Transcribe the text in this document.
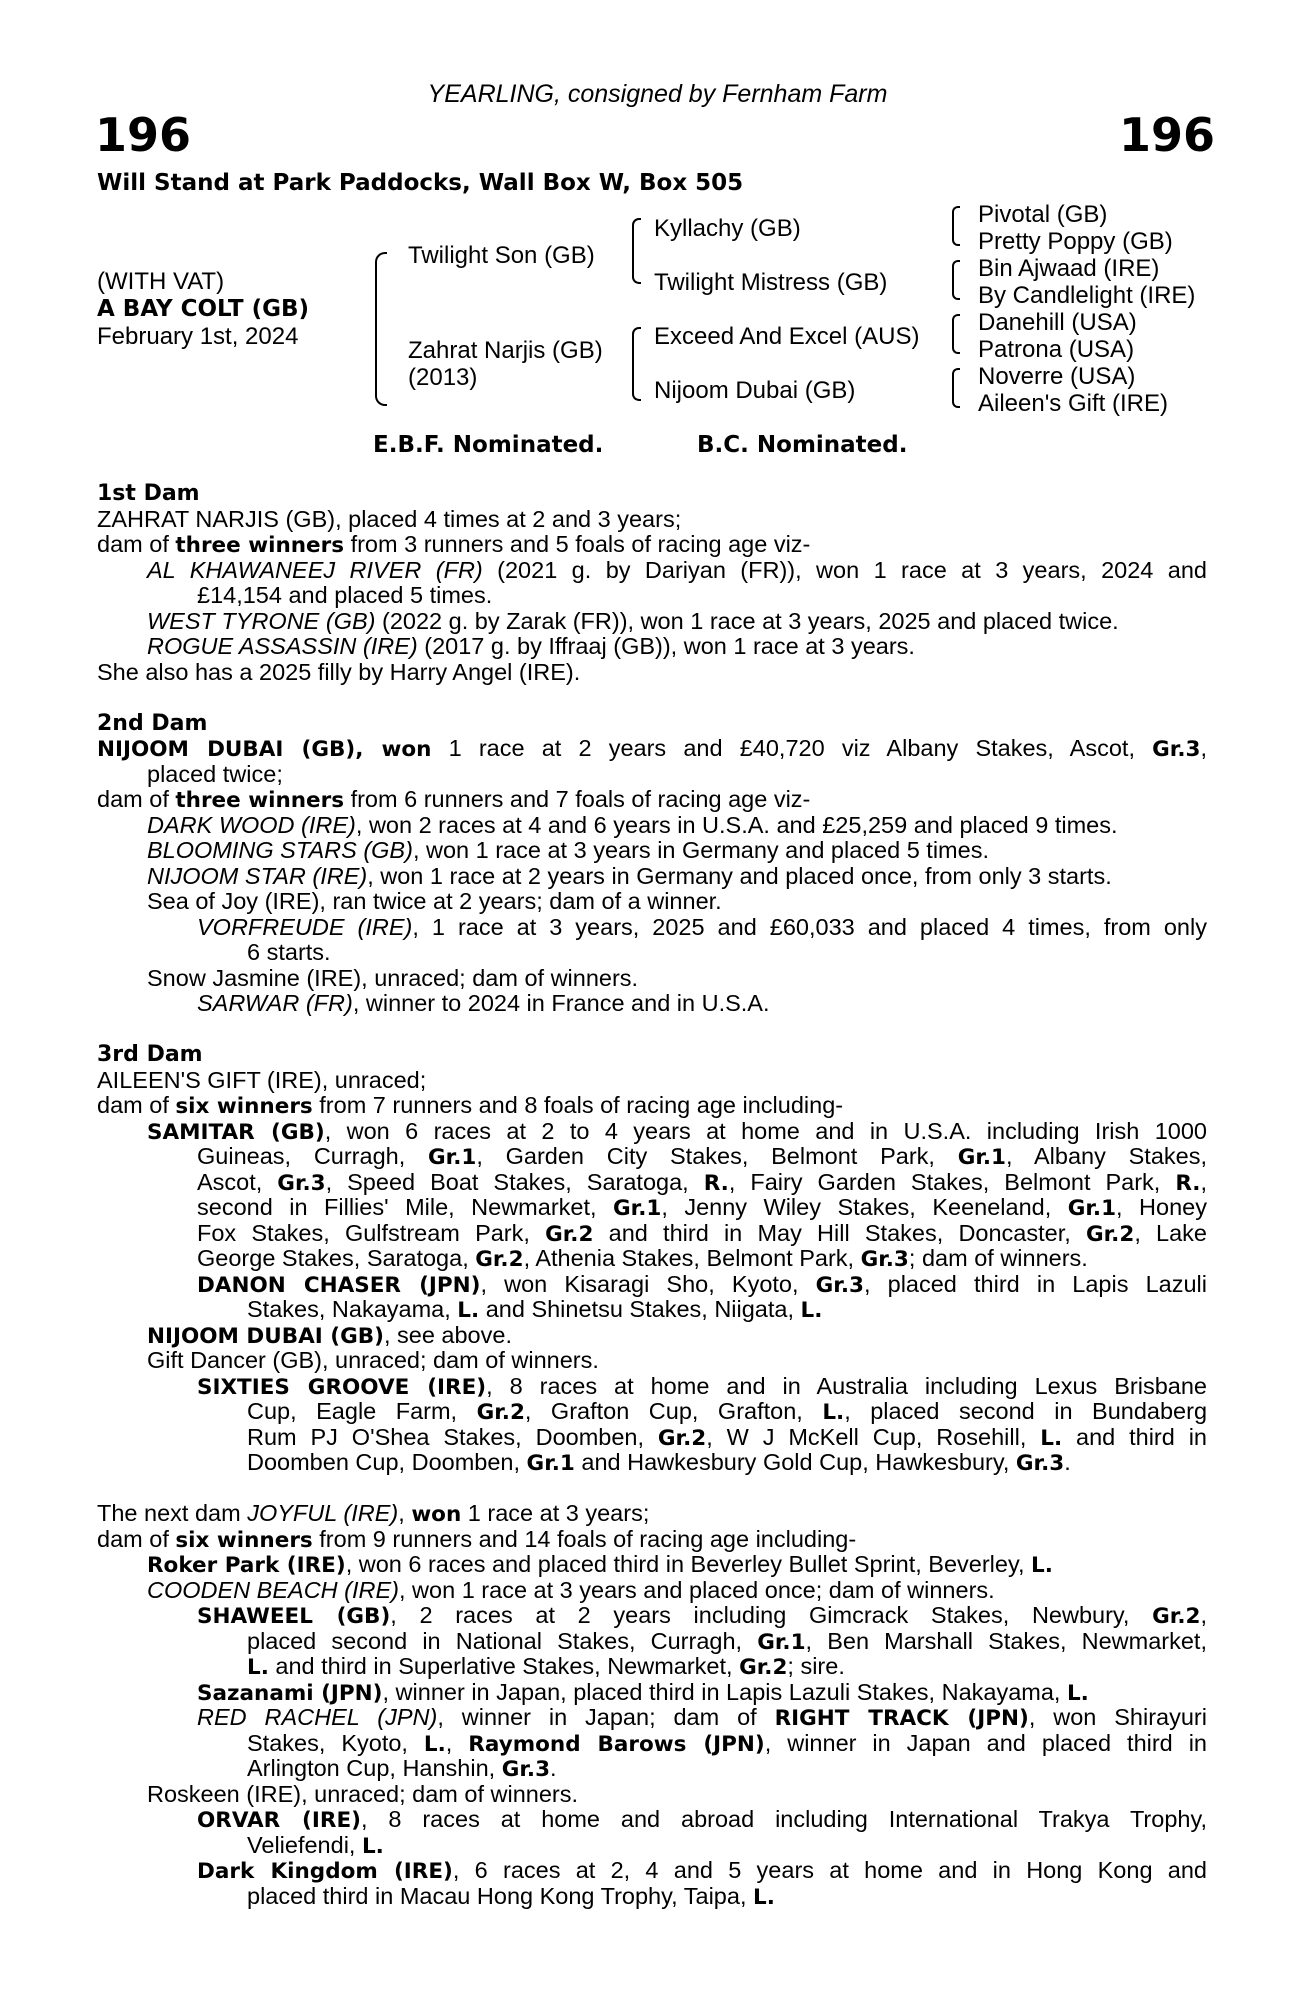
YEARLING, consigned by Fernham Farm
196	196
Will Stand at Park Paddocks, Wall Box W, Box 505
(WITH VAT)
A BAY COLT (GB)
February 1st, 2024
Twilight Son (GB)
Zahrat Narjis (GB)
(2013)
Kyllachy (GB)
Twilight Mistress (GB)
Exceed And Excel (AUS)
Nijoom Dubai (GB)
Pivotal (GB)
Pretty Poppy (GB)
Bin Ajwaad (IRE)
By Candlelight (IRE)
Danehill (USA)
Patrona (USA)
Noverre (USA)
Aileen's Gift (IRE)
E.B.F. Nominated.	B.C. Nominated.
1st Dam
ZAHRAT NARJIS (GB), placed 4 times at 2 and 3 years;
dam of three winners from 3 runners and 5 foals of racing age viz-
AL KHAWANEEJ RIVER (FR) (2021 g. by Dariyan (FR)), won 1 race at 3 years, 2024 and
£14,154 and placed 5 times.
WEST TYRONE (GB) (2022 g. by Zarak (FR)), won 1 race at 3 years, 2025 and placed twice.
ROGUE ASSASSIN (IRE) (2017 g. by Iffraaj (GB)), won 1 race at 3 years.
She also has a 2025 filly by Harry Angel (IRE).
2nd Dam
NIJOOM DUBAI (GB), won 1 race at 2 years and £40,720 viz Albany Stakes, Ascot, Gr.3,
placed twice;
dam of three winners from 6 runners and 7 foals of racing age viz-
DARK WOOD (IRE), won 2 races at 4 and 6 years in U.S.A. and £25,259 and placed 9 times.
BLOOMING STARS (GB), won 1 race at 3 years in Germany and placed 5 times.
NIJOOM STAR (IRE), won 1 race at 2 years in Germany and placed once, from only 3 starts.
Sea of Joy (IRE), ran twice at 2 years; dam of a winner.
VORFREUDE (IRE), 1 race at 3 years, 2025 and £60,033 and placed 4 times, from only
6 starts.
Snow Jasmine (IRE), unraced; dam of winners.
SARWAR (FR), winner to 2024 in France and in U.S.A.
3rd Dam
AILEEN'S GIFT (IRE), unraced;
dam of six winners from 7 runners and 8 foals of racing age including-
SAMITAR (GB), won 6 races at 2 to 4 years at home and in U.S.A. including Irish 1000
Guineas, Curragh, Gr.1, Garden City Stakes, Belmont Park, Gr.1, Albany Stakes,
Ascot, Gr.3, Speed Boat Stakes, Saratoga, R., Fairy Garden Stakes, Belmont Park, R.,
second in Fillies' Mile, Newmarket, Gr.1, Jenny Wiley Stakes, Keeneland, Gr.1, Honey
Fox Stakes, Gulfstream Park, Gr.2 and third in May Hill Stakes, Doncaster, Gr.2, Lake
George Stakes, Saratoga, Gr.2, Athenia Stakes, Belmont Park, Gr.3; dam of winners.
DANON CHASER (JPN), won Kisaragi Sho, Kyoto, Gr.3, placed third in Lapis Lazuli
Stakes, Nakayama, L. and Shinetsu Stakes, Niigata, L.
NIJOOM DUBAI (GB), see above.
Gift Dancer (GB), unraced; dam of winners.
SIXTIES GROOVE (IRE), 8 races at home and in Australia including Lexus Brisbane
Cup, Eagle Farm, Gr.2, Grafton Cup, Grafton, L., placed second in Bundaberg
Rum PJ O'Shea Stakes, Doomben, Gr.2, W J McKell Cup, Rosehill, L. and third in
Doomben Cup, Doomben, Gr.1 and Hawkesbury Gold Cup, Hawkesbury, Gr.3.
The next dam JOYFUL (IRE), won 1 race at 3 years;
dam of six winners from 9 runners and 14 foals of racing age including-
Roker Park (IRE), won 6 races and placed third in Beverley Bullet Sprint, Beverley, L.
COODEN BEACH (IRE), won 1 race at 3 years and placed once; dam of winners.
SHAWEEL (GB), 2 races at 2 years including Gimcrack Stakes, Newbury, Gr.2,
placed second in National Stakes, Curragh, Gr.1, Ben Marshall Stakes, Newmarket,
L. and third in Superlative Stakes, Newmarket, Gr.2; sire.
Sazanami (JPN), winner in Japan, placed third in Lapis Lazuli Stakes, Nakayama, L.
RED RACHEL (JPN), winner in Japan; dam of RIGHT TRACK (JPN), won Shirayuri
Stakes, Kyoto, L., Raymond Barows (JPN), winner in Japan and placed third in
Arlington Cup, Hanshin, Gr.3.
Roskeen (IRE), unraced; dam of winners.
ORVAR (IRE), 8 races at home and abroad including International Trakya Trophy,
Veliefendi, L.
Dark Kingdom (IRE), 6 races at 2, 4 and 5 years at home and in Hong Kong and
placed third in Macau Hong Kong Trophy, Taipa, L.
